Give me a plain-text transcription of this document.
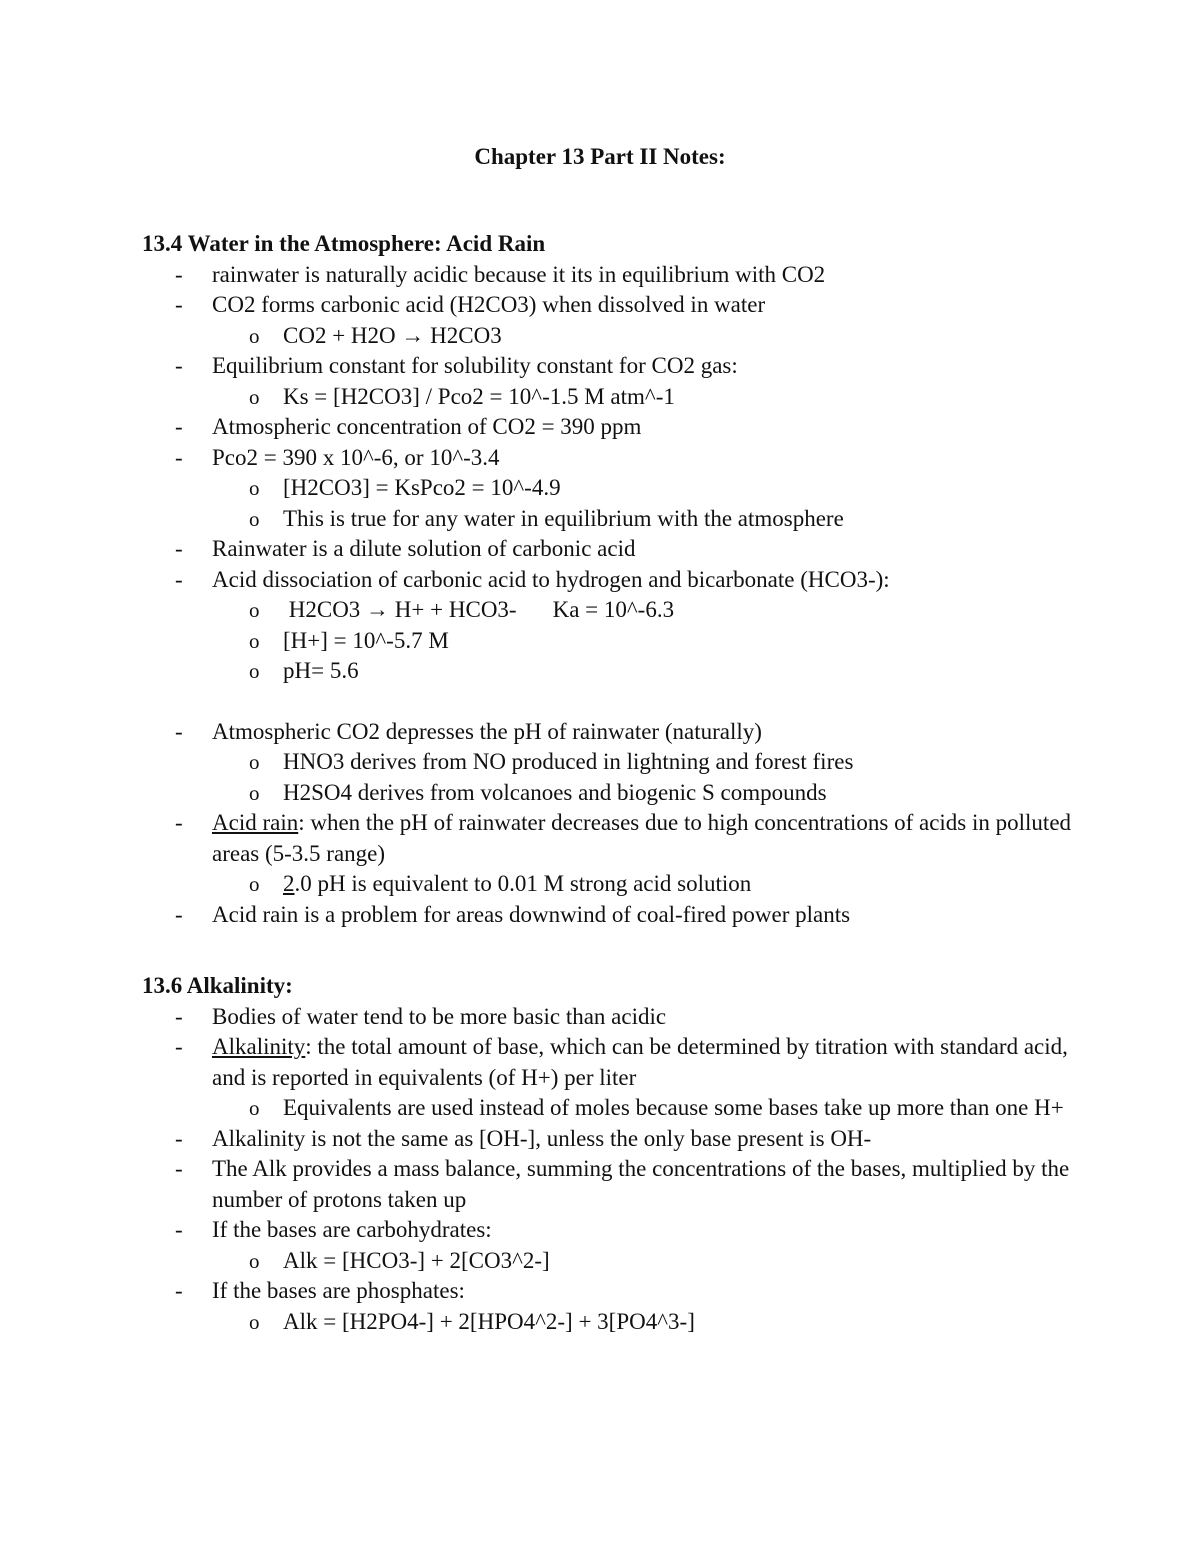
Chapter 13 Part II Notes:

13.4 Water in the Atmosphere: Acid Rain

- rainwater is naturally acidic because it its in equilibrium with CO2
- CO2 forms carbonic acid (H2CO3) when dissolved in water
o CO2 + H2O → H2CO3
- Equilibrium constant for solubility constant for CO2 gas:
o Ks = [H2CO3] / Pco2 = 10^-1.5 M atm^-1
- Atmospheric concentration of CO2 = 390 ppm
- Pco2 = 390 x 10^-6, or 10^-3.4
o [H2CO3] = KsPco2 = 10^-4.9
o This is true for any water in equilibrium with the atmosphere
- Rainwater is a dilute solution of carbonic acid
- Acid dissociation of carbonic acid to hydrogen and bicarbonate (HCO3-):
o H2CO3 → H+ + HCO3- Ka = 10^-6.3
o [H+] = 10^-5.7 M
o pH= 5.6
- Atmospheric CO2 depresses the pH of rainwater (naturally)
o HNO3 derives from NO produced in lightning and forest fires
o H2SO4 derives from volcanoes and biogenic S compounds
- Acid rain: when the pH of rainwater decreases due to high concentrations of acids in polluted areas (5-3.5 range)
o 2.0 pH is equivalent to 0.01 M strong acid solution
- Acid rain is a problem for areas downwind of coal-fired power plants

13.6 Alkalinity:

- Bodies of water tend to be more basic than acidic
- Alkalinity: the total amount of base, which can be determined by titration with standard acid, and is reported in equivalents (of H+) per liter
o Equivalents are used instead of moles because some bases take up more than one H+
- Alkalinity is not the same as [OH-], unless the only base present is OH-
- The Alk provides a mass balance, summing the concentrations of the bases, multiplied by the number of protons taken up
- If the bases are carbohydrates:
o Alk = [HCO3-] + 2[CO3^2-]
- If the bases are phosphates:
o Alk = [H2PO4-] + 2[HPO4^2-] + 3[PO4^3-]
